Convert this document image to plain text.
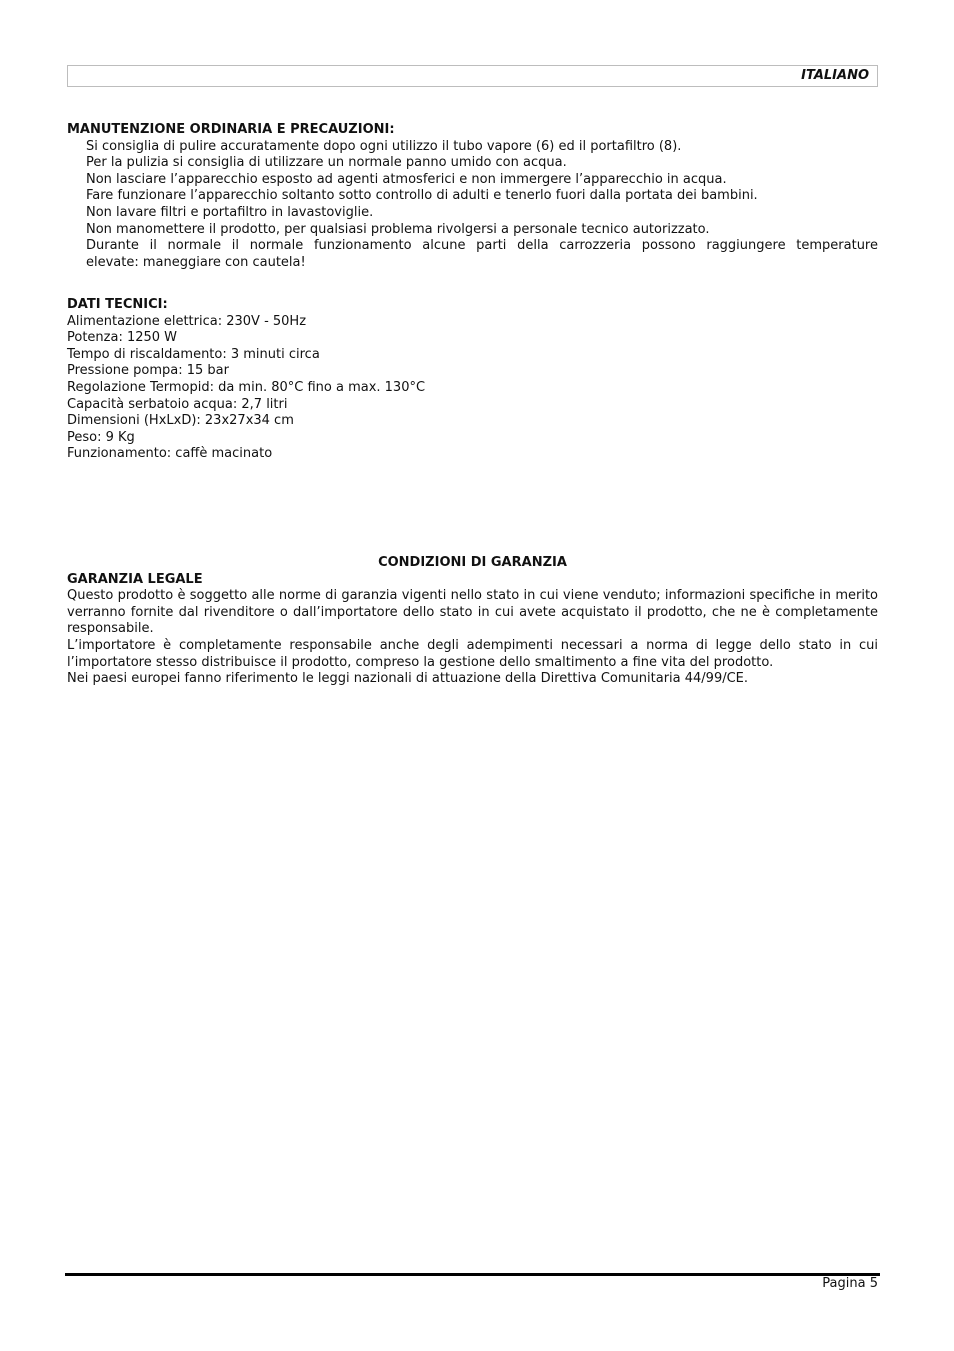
ITALIANO

MANUTENZIONE ORDINARIA E PRECAUZIONI:

Si consiglia di pulire accuratamente dopo ogni utilizzo il tubo vapore (6) ed il portafiltro (8).

Per la pulizia si consiglia di utilizzare un normale panno umido con acqua.

Non lasciare l’apparecchio esposto ad agenti atmosferici e non immergere l’apparecchio in acqua.

Fare funzionare l’apparecchio soltanto sotto controllo di adulti e tenerlo fuori dalla portata dei bambini.

Non lavare filtri e portafiltro in lavastoviglie.

Non manomettere il prodotto, per qualsiasi problema rivolgersi a personale tecnico autorizzato.

Durante il normale il normale funzionamento alcune parti della carrozzeria possono raggiungere temperature

elevate: maneggiare con cautela!

DATI TECNICI:

Alimentazione elettrica: 230V - 50Hz

Potenza: 1250 W

Tempo di riscaldamento: 3 minuti circa

Pressione pompa: 15 bar

Regolazione Termopid: da min. 80°C fino a max. 130°C

Capacità serbatoio acqua: 2,7 litri

Dimensioni (HxLxD): 23x27x34 cm

Peso: 9 Kg

Funzionamento: caffè macinato

CONDIZIONI DI GARANZIA

GARANZIA LEGALE

Questo prodotto è soggetto alle norme di garanzia vigenti nello stato in cui viene venduto; informazioni specifiche in merito verranno fornite dal rivenditore o dall’importatore dello stato in cui avete acquistato il prodotto, che ne è completamente responsabile.

L’importatore è completamente responsabile anche degli adempimenti necessari a norma di legge dello stato in cui l’importatore stesso distribuisce il prodotto, compreso la gestione dello smaltimento a fine vita del prodotto.

Nei paesi europei fanno riferimento le leggi nazionali di attuazione della Direttiva Comunitaria 44/99/CE.

Pagina 5
